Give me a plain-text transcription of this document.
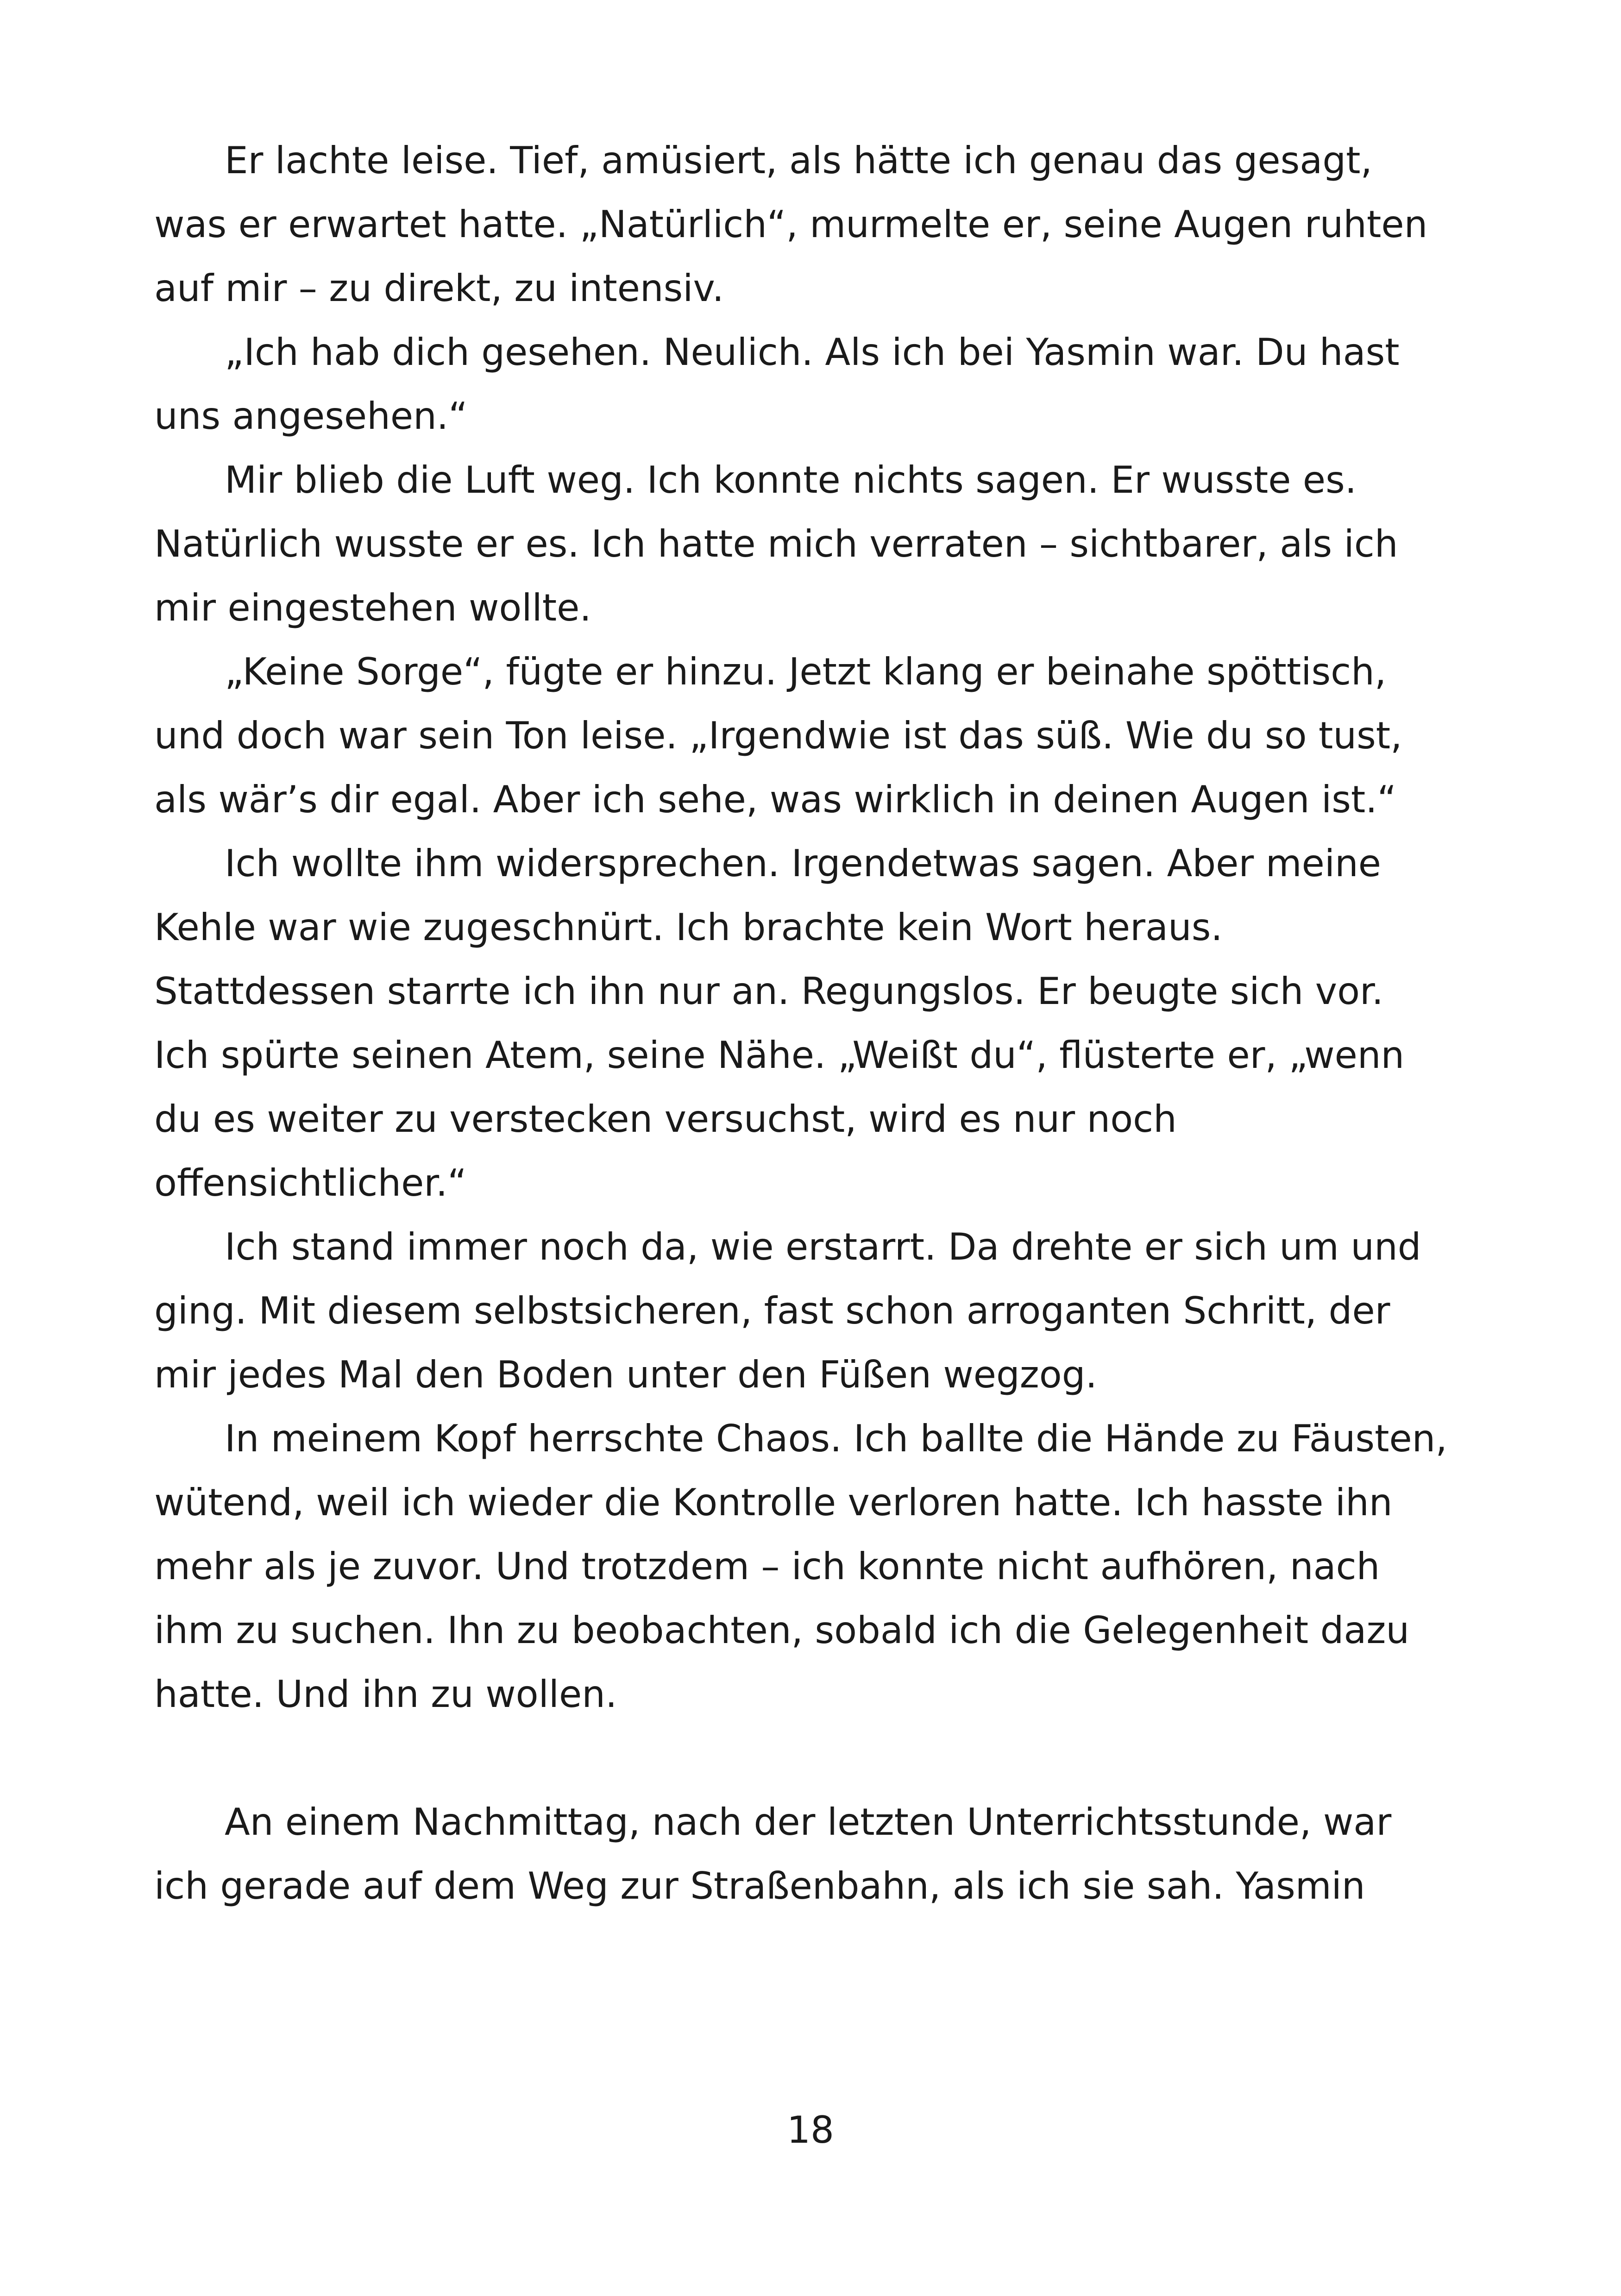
Er lachte leise. Tief, amüsiert, als hätte ich genau das gesagt, was er erwartet hatte. „Natürlich“, murmelte er, seine Augen ruhten auf mir – zu direkt, zu intensiv.

„Ich hab dich gesehen. Neulich. Als ich bei Yasmin war. Du hast uns angesehen.“

Mir blieb die Luft weg. Ich konnte nichts sagen. Er wusste es. Natürlich wusste er es. Ich hatte mich verraten – sichtbarer, als ich mir eingestehen wollte.

„Keine Sorge“, fügte er hinzu. Jetzt klang er beinahe spöttisch, und doch war sein Ton leise. „Irgendwie ist das süß. Wie du so tust, als wär’s dir egal. Aber ich sehe, was wirklich in deinen Augen ist.“

Ich wollte ihm widersprechen. Irgendetwas sagen. Aber meine Kehle war wie zugeschnürt. Ich brachte kein Wort heraus. Stattdessen starrte ich ihn nur an. Regungslos. Er beugte sich vor. Ich spürte seinen Atem, seine Nähe. „Weißt du“, flüsterte er, „wenn du es weiter zu verstecken versuchst, wird es nur noch offensichtlicher.“

Ich stand immer noch da, wie erstarrt. Da drehte er sich um und ging. Mit diesem selbstsicheren, fast schon arroganten Schritt, der mir jedes Mal den Boden unter den Füßen wegzog.

In meinem Kopf herrschte Chaos. Ich ballte die Hände zu Fäusten, wütend, weil ich wieder die Kontrolle verloren hatte. Ich hasste ihn mehr als je zuvor. Und trotzdem – ich konnte nicht aufhören, nach ihm zu suchen. Ihn zu beobachten, sobald ich die Gelegenheit dazu hatte. Und ihn zu wollen.

An einem Nachmittag, nach der letzten Unterrichtsstunde, war ich gerade auf dem Weg zur Straßenbahn, als ich sie sah. Yasmin

18
